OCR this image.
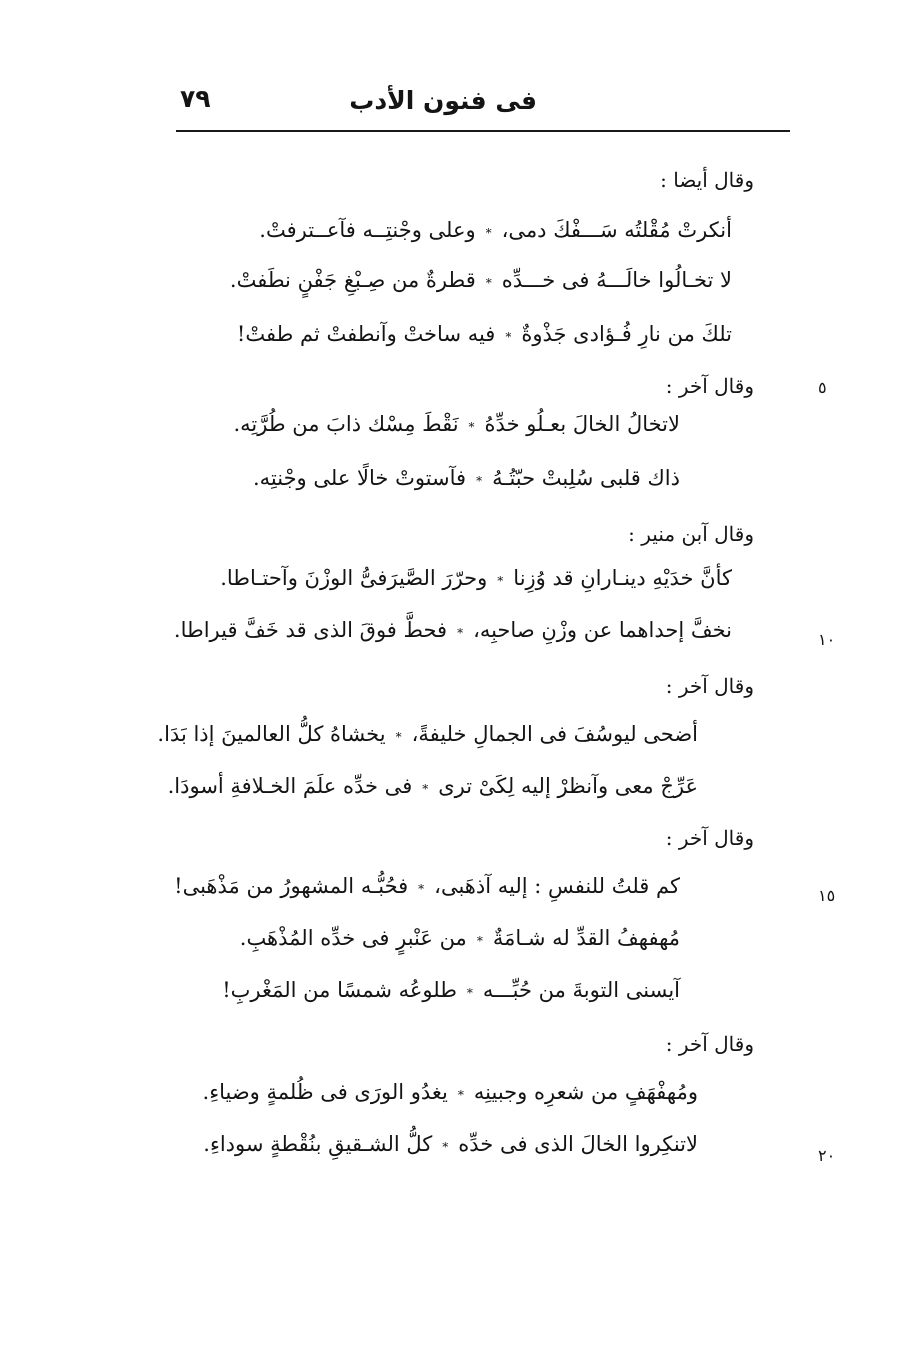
فى فنون الأدب
٧٩
وقال أيضا :
أنكرتْ مُقْلتُه سَـــفْكَ دمى،
*
وعلى وجْنتِــه فآعــترفتْ.
لا تخـالُوا خالَـــهُ فى خـــدِّه
*
قطرةٌ من صِـبْغِ جَفْنٍ نطَفتْ.
تلكَ من نارِ فُـؤادى جَذْوةٌ
*
فيه ساختْ وآنطفتْ ثم طفتْ!
٥
وقال آخر :
لاتخالُ الخالَ بعـلُو خدِّهُ
*
نَقْطَ مِسْك ذابَ من طُرَّتِه.
ذاك قلبى سُلِبتْ حبّتُـهُ
*
فآستوتْ خالًا على وجْنتِه.
وقال آبن منير :
كأنَّ خدَيْهِ دينـارانِ قد وُزِنا
*
وحرّرَ الصَّيرَفىُّ الوزْنَ وآحتـاطا.
١٠
نخفَّ إحداهما عن وزْنِ صاحبِه،
*
فحطَّ فوقَ الذى قد خَفَّ قيراطا.
وقال آخر :
أضحى ليوسُفَ فى الجمالِ خليفةً،
*
يخشاهُ كلُّ العالمينَ إذا بَدَا.
عَرِّجْ معى وآنظرْ إليه لِكَىْ ترى
*
فى خدِّه علَمَ الخـلافةِ أسودَا.
وقال آخر :
١٥
كم قلتُ للنفسِ : إليه آذهَبى،
*
فحُبُّـه المشهورُ من مَذْهَبى!
مُهفهفُ القدِّ له شـامَةٌ
*
من عَنْبرٍ فى خدِّه المُذْهَبِ.
آيسنى التوبةَ من حُبِّـــه
*
طلوعُه شمسًا من المَغْربِ!
وقال آخر :
ومُهفْهَفٍ من شعرِه وجبينِه
*
يغدُو الورَى فى ظُلمةٍ وضياءِ.
٢٠
لاتنكِروا الخالَ الذى فى خدِّه
*
كلُّ الشـقيقِ بنُقْطةٍ سوداءِ.
